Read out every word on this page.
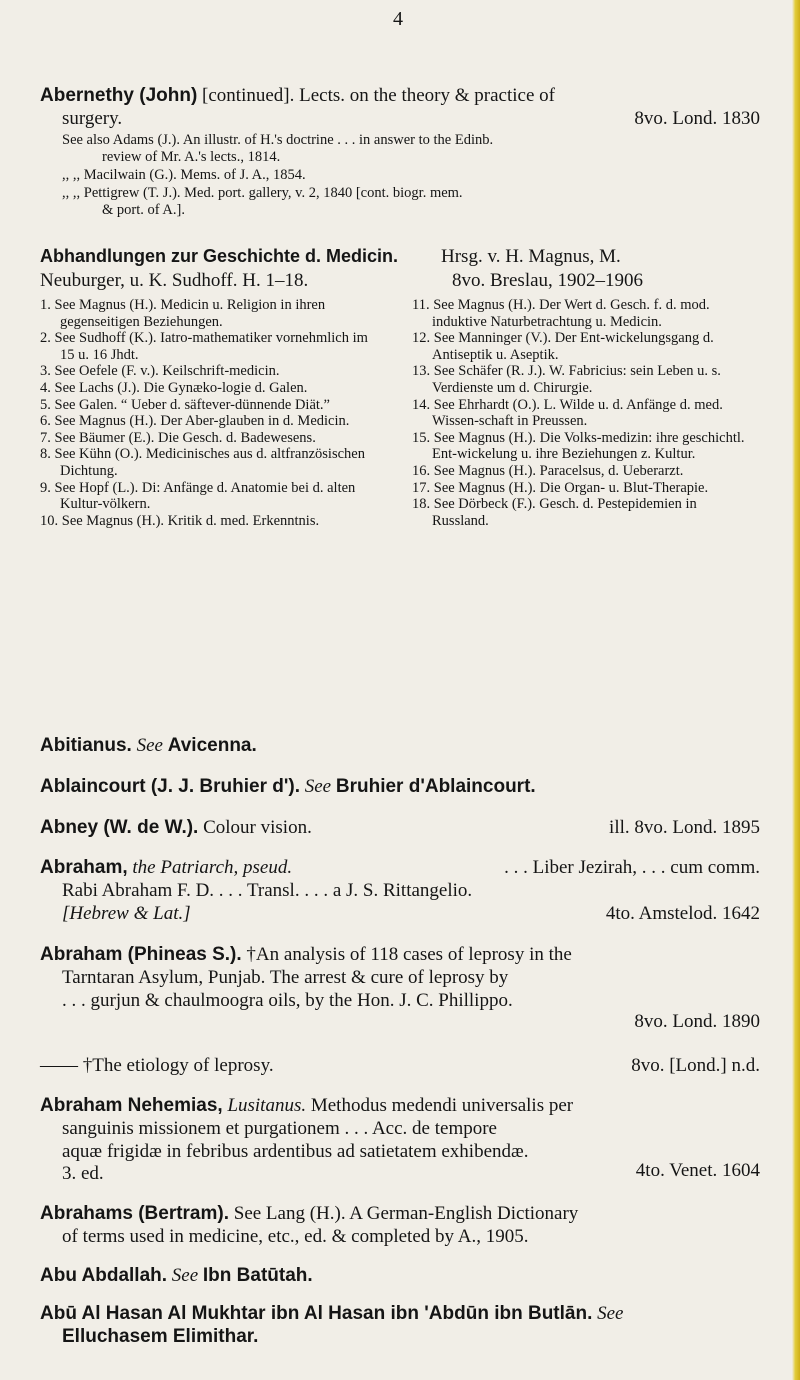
4
Abernethy (John) [continued]. Lects. on the theory & practice of
surgery.	8vo. Lond. 1830
See also Adams (J.). An illustr. of H.'s doctrine . . . in answer to the Edinb.
review of Mr. A.'s lects., 1814.
,, ,, Macilwain (G.). Mems. of J. A., 1854.
,, ,, Pettigrew (T. J.). Med. port. gallery, v. 2, 1840 [cont. biogr. mem.
& port. of A.].
Abhandlungen zur Geschichte d. Medicin. Hrsg. v. H. Magnus, M.
Neuburger, u. K. Sudhoff. H. 1–18.	8vo. Breslau, 1902–1906
1. See Magnus (H.). Medicin u. Religion in ihren gegenseitigen Beziehungen.
2. See Sudhoff (K.). Iatro-mathematiker vornehmlich im 15 u. 16 Jhdt.
3. See Oefele (F. v.). Keilschrift-medicin.
4. See Lachs (J.). Die Gynæko-logie d. Galen.
5. See Galen. “ Ueber d. säftever-dünnende Diät.”
6. See Magnus (H.). Der Aber-glauben in d. Medicin.
7. See Bäumer (E.). Die Gesch. d. Badewesens.
8. See Kühn (O.). Medicinisches aus d. altfranzösischen Dichtung.
9. See Hopf (L.). Di: Anfänge d. Anatomie bei d. alten Kultur-völkern.
10. See Magnus (H.). Kritik d. med. Erkenntnis.
11. See Magnus (H.). Der Wert d. Gesch. f. d. mod. induktive Naturbetrachtung u. Medicin.
12. See Manninger (V.). Der Ent-wickelungsgang d. Antiseptik u. Aseptik.
13. See Schäfer (R. J.). W. Fabricius: sein Leben u. s. Verdienste um d. Chirurgie.
14. See Ehrhardt (O.). L. Wilde u. d. Anfänge d. med. Wissen-schaft in Preussen.
15. See Magnus (H.). Die Volks-medizin: ihre geschichtl. Ent-wickelung u. ihre Beziehungen z. Kultur.
16. See Magnus (H.). Paracelsus, d. Ueberarzt.
17. See Magnus (H.). Die Organ- u. Blut-Therapie.
18. See Dörbeck (F.). Gesch. d. Pestepidemien in Russland.
Abitianus. See Avicenna.
Ablaincourt (J. J. Bruhier d'). See Bruhier d'Ablaincourt.
Abney (W. de W.). Colour vision.	ill. 8vo. Lond. 1895
Abraham, the Patriarch, pseud.	. . . Liber Jezirah, . . . cum comm.
Rabi Abraham F. D. . . . Transl. . . . a J. S. Rittangelio.
[Hebrew & Lat.]	4to. Amstelod. 1642
Abraham (Phineas S.). †An analysis of 118 cases of leprosy in the
Tarntaran Asylum, Punjab. The arrest & cure of leprosy by
. . . gurjun & chaulmoogra oils, by the Hon. J. C. Phillippo.
8vo. Lond. 1890
—— †The etiology of leprosy.	8vo. [Lond.] n.d.
Abraham Nehemias, Lusitanus. Methodus medendi universalis per
sanguinis missionem et purgationem . . . Acc. de tempore
aquæ frigidæ in febribus ardentibus ad satietatem exhibendæ.
3. ed.	4to. Venet. 1604
Abrahams (Bertram). See Lang (H.). A German-English Dictionary
of terms used in medicine, etc., ed. & completed by A., 1905.
Abu Abdallah. See Ibn Batūtah.
Abū Al Hasan Al Mukhtar ibn Al Hasan ibn 'Abdūn ibn Butlān. See
Elluchasem Elimithar.
